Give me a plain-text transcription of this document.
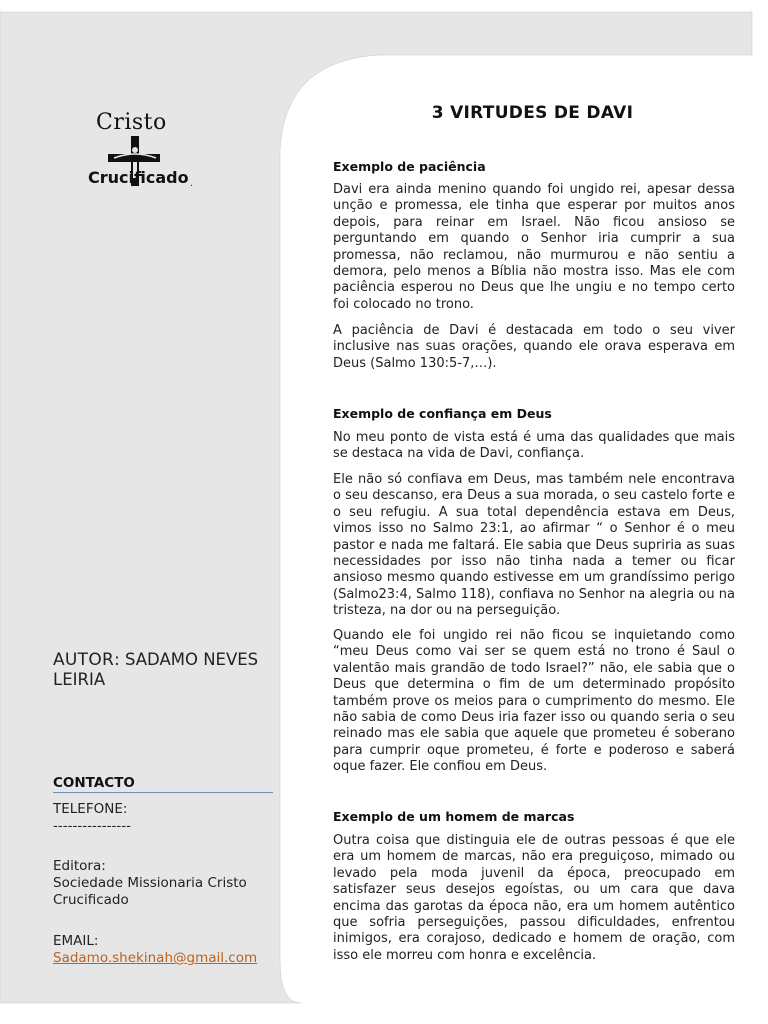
Cristo
Crucificado .
AUTOR: SADAMO NEVES LEIRIA
CONTACTO
TELEFONE:
----------------
Editora:
Sociedade Missionaria Cristo Crucificado
EMAIL:
Sadamo.shekinah@gmail.com
3 VIRTUDES DE DAVI
Exemplo de paciência

Davi era ainda menino quando foi ungido rei, apesar dessa unção e promessa, ele tinha que esperar por muitos anos depois, para reinar em Israel. Não ficou ansioso se perguntando em quando o Senhor iria cumprir a sua promessa, não reclamou, não murmurou e não sentiu a demora, pelo menos a Bíblia não mostra isso. Mas ele com paciência esperou no Deus que lhe ungiu e no tempo certo foi colocado no trono.

A paciência de Davi é destacada em todo o seu viver inclusive nas suas orações, quando ele orava esperava em Deus (Salmo 130:5-7,…).

Exemplo de confiança em Deus

No meu ponto de vista está é uma das qualidades que mais se destaca na vida de Davi, confiança.

Ele não só confiava em Deus, mas também nele encontrava o seu descanso, era Deus a sua morada, o seu castelo forte e o seu refugiu. A sua total dependência estava em Deus, vimos isso no Salmo 23:1, ao afirmar “ o Senhor é o meu pastor e nada me faltará. Ele sabia que Deus supriria as suas necessidades por isso não tinha nada a temer ou ficar ansioso mesmo quando estivesse em um grandíssimo perigo (Salmo23:4, Salmo 118), confiava no Senhor na alegria ou na tristeza, na dor ou na perseguição.

Quando ele foi ungido rei não ficou se inquietando como “meu Deus como vai ser se quem está no trono é Saul o valentão mais grandão de todo Israel?” não, ele sabia que o Deus que determina o fim de um determinado propósito também prove os meios para o cumprimento do mesmo. Ele não sabia de como Deus iria fazer isso ou quando seria o seu reinado mas ele sabia que aquele que prometeu é soberano para cumprir oque prometeu, é forte e poderoso e saberá oque fazer. Ele confiou em Deus.

Exemplo de um homem de marcas

Outra coisa que distinguia ele de outras pessoas é que ele era um homem de marcas, não era preguiçoso, mimado ou levado pela moda juvenil da época, preocupado em satisfazer seus desejos egoístas, ou um cara que dava encima das garotas da época não, era um homem autêntico que sofria perseguições, passou dificuldades, enfrentou inimigos, era corajoso, dedicado e homem de oração, com isso ele morreu com honra e excelência.
